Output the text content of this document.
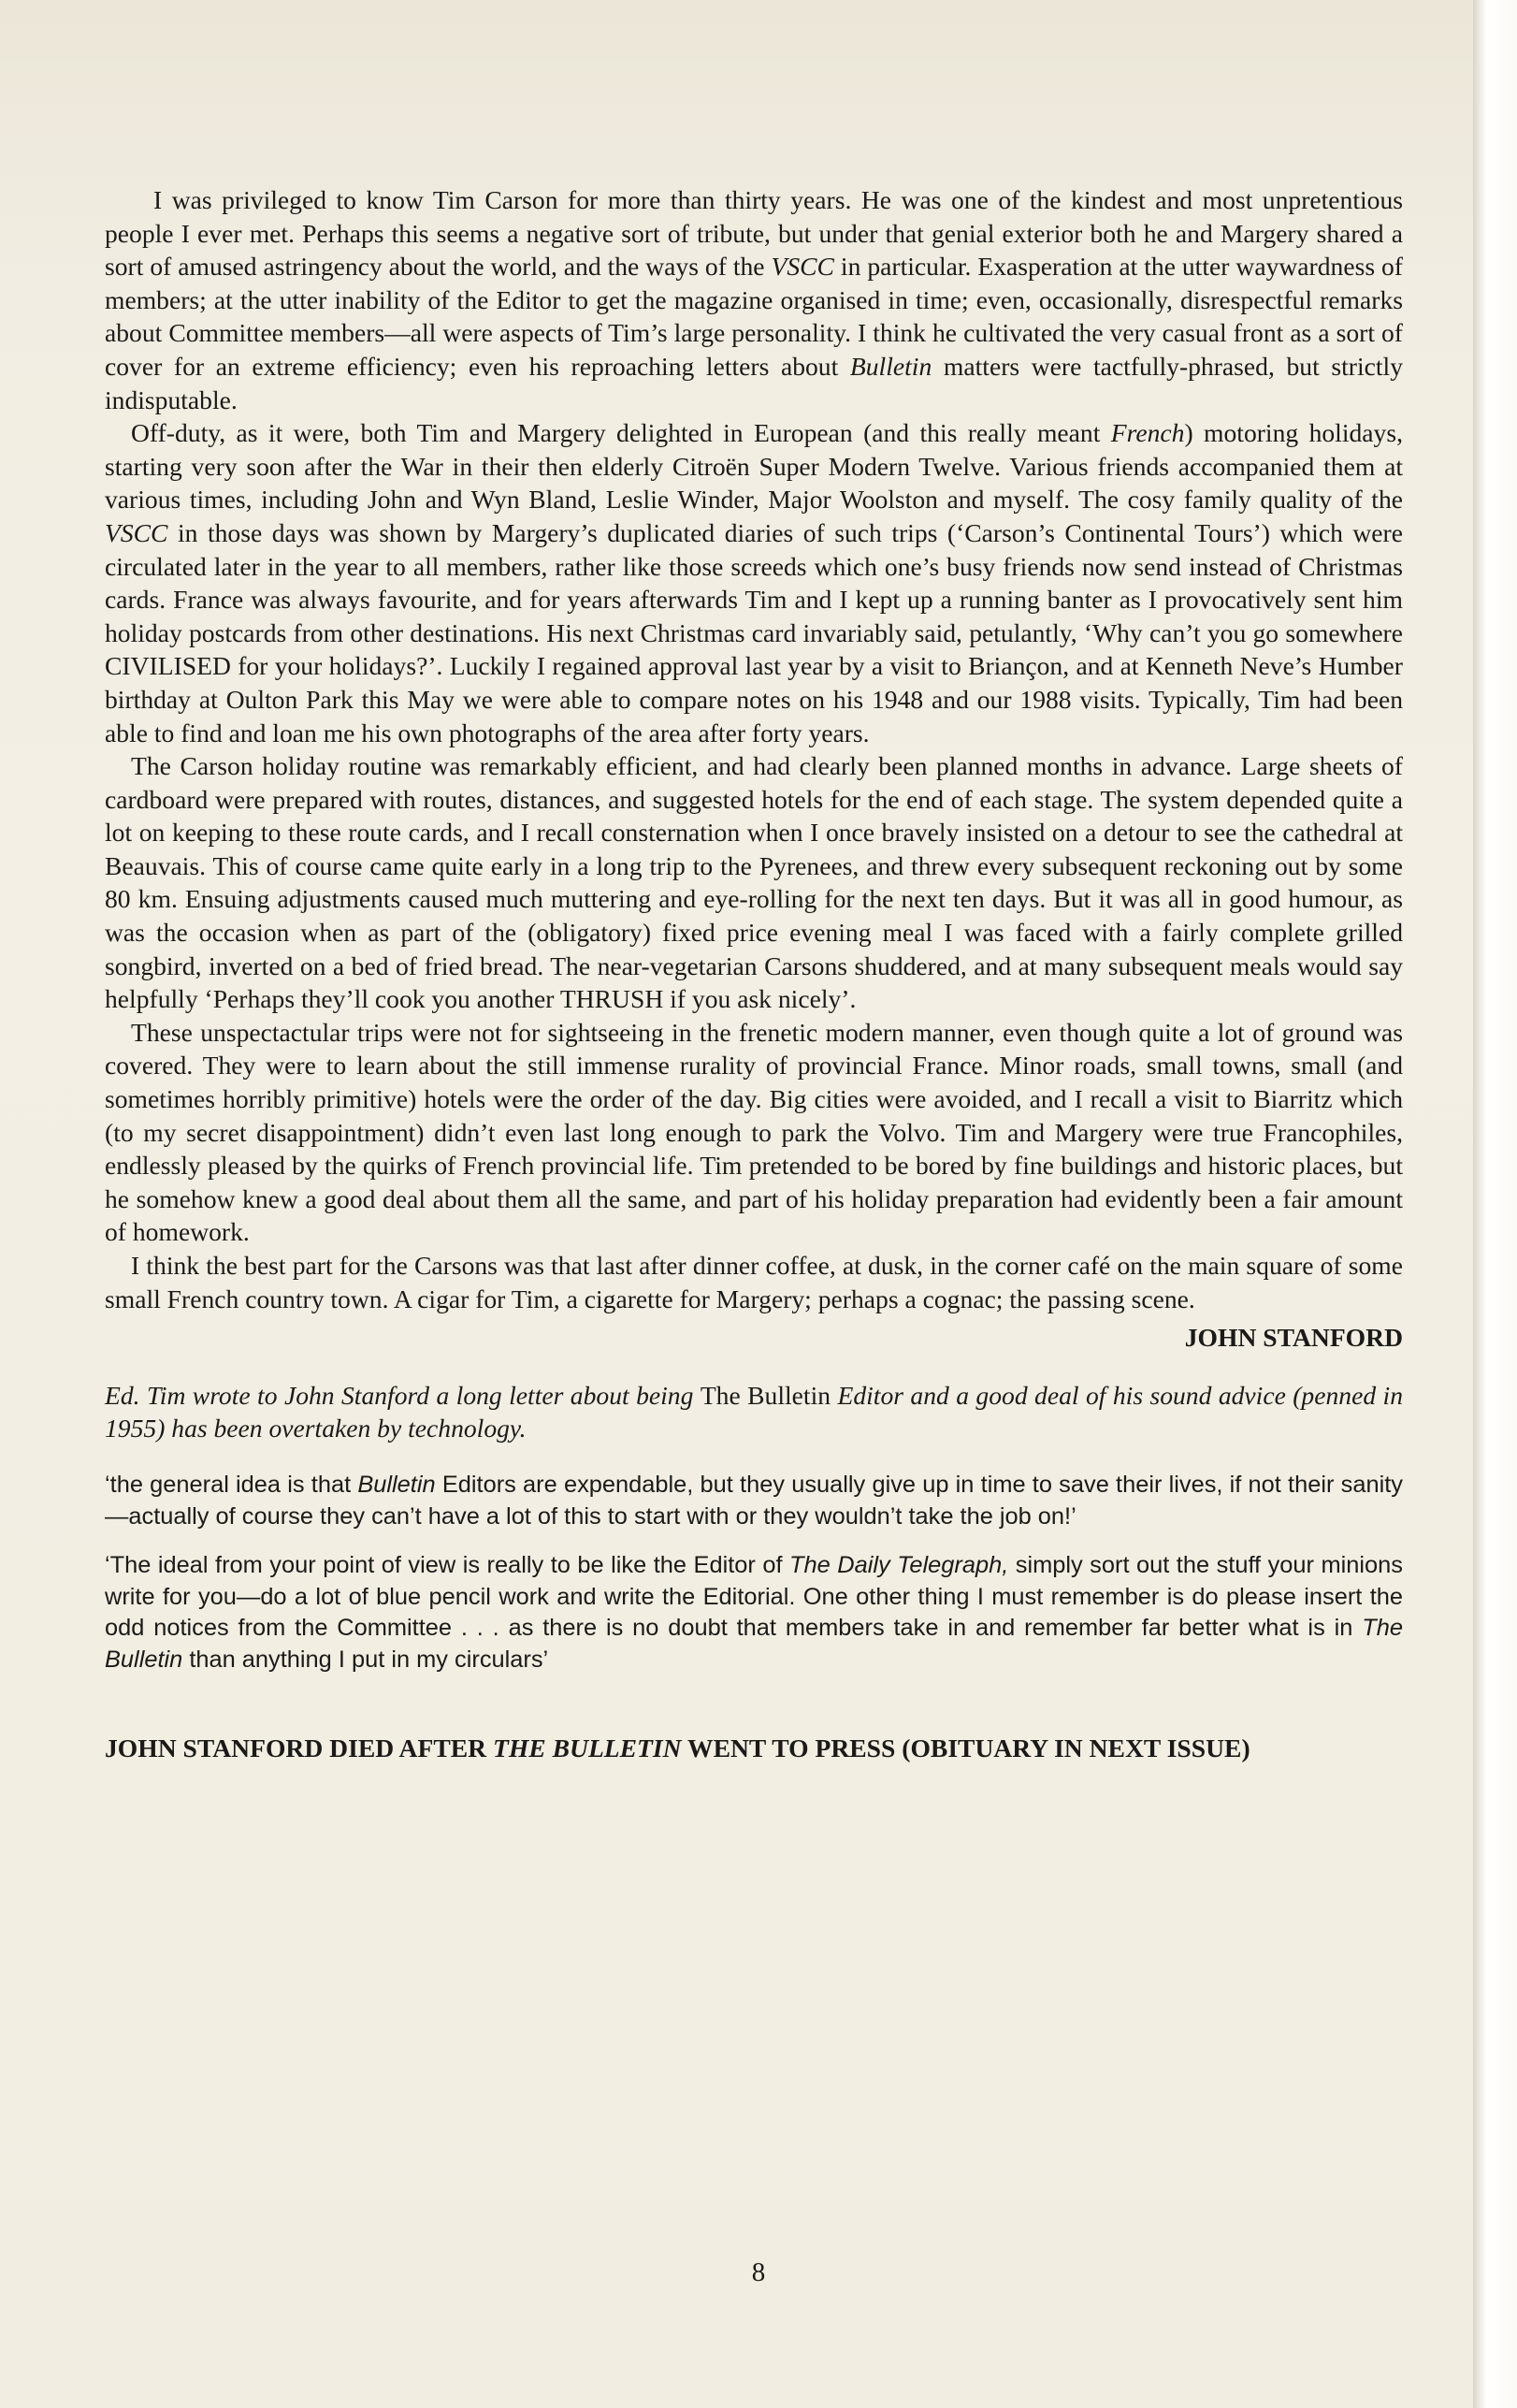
I was privileged to know Tim Carson for more than thirty years. He was one of the kindest and most unpretentious people I ever met. Perhaps this seems a negative sort of tribute, but under that genial exterior both he and Margery shared a sort of amused astringency about the world, and the ways of the VSCC in particular. Exasperation at the utter waywardness of members; at the utter inability of the Editor to get the magazine organised in time; even, occasionally, disrespectful remarks about Committee members—all were aspects of Tim’s large personality. I think he cultivated the very casual front as a sort of cover for an extreme efficiency; even his reproaching letters about Bulletin matters were tactfully-phrased, but strictly indisputable.

Off-duty, as it were, both Tim and Margery delighted in European (and this really meant French) motoring holidays, starting very soon after the War in their then elderly Citroën Super Modern Twelve. Various friends accompanied them at various times, including John and Wyn Bland, Leslie Winder, Major Woolston and myself. The cosy family quality of the VSCC in those days was shown by Margery’s duplicated diaries of such trips (‘Carson’s Continental Tours’) which were circulated later in the year to all members, rather like those screeds which one’s busy friends now send instead of Christmas cards. France was always favourite, and for years afterwards Tim and I kept up a running banter as I provocatively sent him holiday postcards from other destinations. His next Christmas card invariably said, petulantly, ‘Why can’t you go somewhere CIVILISED for your holidays?’. Luckily I regained approval last year by a visit to Briançon, and at Kenneth Neve’s Humber birthday at Oulton Park this May we were able to compare notes on his 1948 and our 1988 visits. Typically, Tim had been able to find and loan me his own photographs of the area after forty years.

The Carson holiday routine was remarkably efficient, and had clearly been planned months in advance. Large sheets of cardboard were prepared with routes, distances, and suggested hotels for the end of each stage. The system depended quite a lot on keeping to these route cards, and I recall consternation when I once bravely insisted on a detour to see the cathedral at Beauvais. This of course came quite early in a long trip to the Pyrenees, and threw every subsequent reckoning out by some 80 km. Ensuing adjustments caused much muttering and eye-rolling for the next ten days. But it was all in good humour, as was the occasion when as part of the (obligatory) fixed price evening meal I was faced with a fairly complete grilled songbird, inverted on a bed of fried bread. The near-vegetarian Carsons shuddered, and at many subsequent meals would say helpfully ‘Perhaps they’ll cook you another THRUSH if you ask nicely’.

These unspectactular trips were not for sightseeing in the frenetic modern manner, even though quite a lot of ground was covered. They were to learn about the still immense rurality of provincial France. Minor roads, small towns, small (and sometimes horribly primitive) hotels were the order of the day. Big cities were avoided, and I recall a visit to Biarritz which (to my secret disappointment) didn’t even last long enough to park the Volvo. Tim and Margery were true Francophiles, endlessly pleased by the quirks of French provincial life. Tim pretended to be bored by fine buildings and historic places, but he somehow knew a good deal about them all the same, and part of his holiday preparation had evidently been a fair amount of homework.

I think the best part for the Carsons was that last after dinner coffee, at dusk, in the corner café on the main square of some small French country town. A cigar for Tim, a cigarette for Margery; perhaps a cognac; the passing scene.

JOHN STANFORD
Ed. Tim wrote to John Stanford a long letter about being The Bulletin Editor and a good deal of his sound advice (penned in 1955) has been overtaken by technology.

‘the general idea is that Bulletin Editors are expendable, but they usually give up in time to save their lives, if not their sanity—actually of course they can’t have a lot of this to start with or they wouldn’t take the job on!’

‘The ideal from your point of view is really to be like the Editor of The Daily Telegraph, simply sort out the stuff your minions write for you—do a lot of blue pencil work and write the Editorial. One other thing I must remember is do please insert the odd notices from the Committee . . . as there is no doubt that members take in and remember far better what is in The Bulletin than anything I put in my circulars’

JOHN STANFORD DIED AFTER THE BULLETIN WENT TO PRESS (OBITUARY IN NEXT ISSUE)
8
